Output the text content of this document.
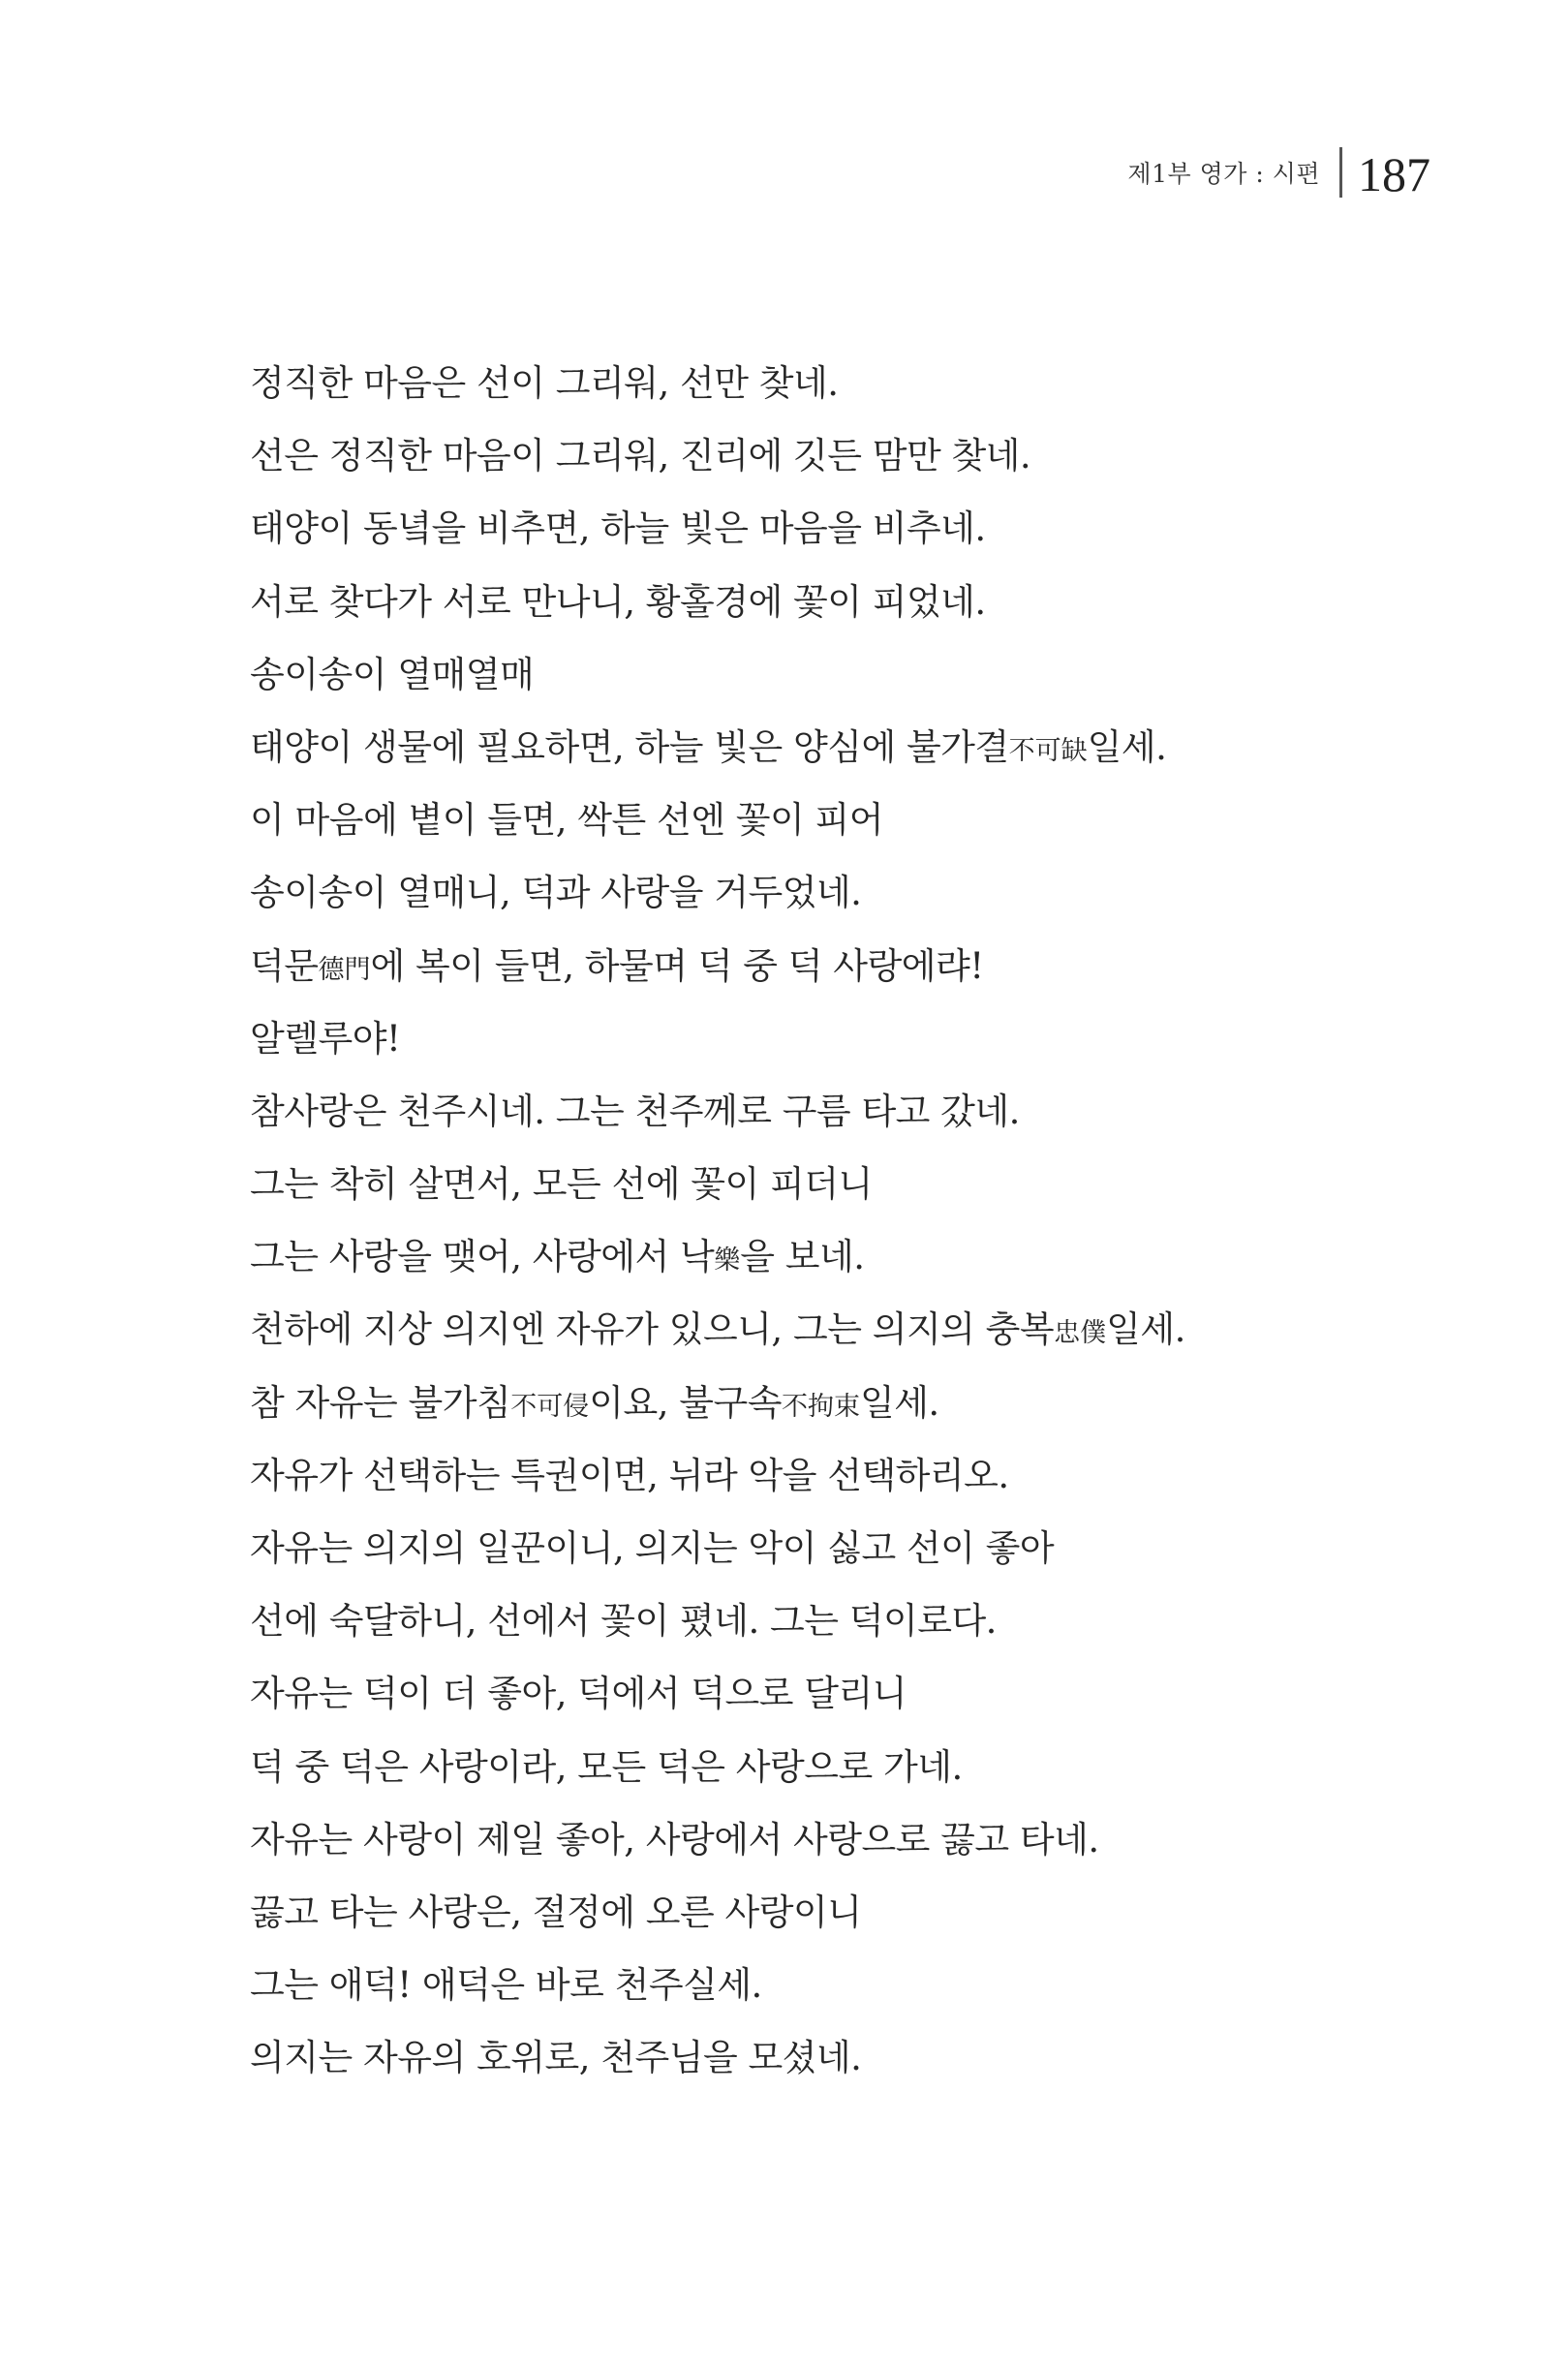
제1부 영가 : 시편 187
정직한 마음은 선이 그리워, 선만 찾네.
선은 정직한 마음이 그리워, 진리에 깃든 맘만 찾네.
태양이 동녘을 비추면, 하늘 빛은 마음을 비추네.
서로 찾다가 서로 만나니, 황홀경에 꽃이 피었네.
송이송이 열매열매
태양이 생물에 필요하면, 하늘 빛은 양심에 불가결不可缺일세.
이 마음에 볕이 들면, 싹튼 선엔 꽃이 피어
송이송이 열매니, 덕과 사랑을 거두었네.
덕문德門에 복이 들면, 하물며 덕 중 덕 사랑에랴!
알렐루야!
참사랑은 천주시네. 그는 천주께로 구름 타고 갔네.
그는 착히 살면서, 모든 선에 꽃이 피더니
그는 사랑을 맺어, 사랑에서 낙樂을 보네.
천하에 지상 의지엔 자유가 있으니, 그는 의지의 충복忠僕일세.
참 자유는 불가침不可侵이요, 불구속不拘束일세.
자유가 선택하는 특권이면, 뉘라 악을 선택하리오.
자유는 의지의 일꾼이니, 의지는 악이 싫고 선이 좋아
선에 숙달하니, 선에서 꽃이 폈네. 그는 덕이로다.
자유는 덕이 더 좋아, 덕에서 덕으로 달리니
덕 중 덕은 사랑이라, 모든 덕은 사랑으로 가네.
자유는 사랑이 제일 좋아, 사랑에서 사랑으로 끓고 타네.
끓고 타는 사랑은, 절정에 오른 사랑이니
그는 애덕! 애덕은 바로 천주실세.
의지는 자유의 호위로, 천주님을 모셨네.
